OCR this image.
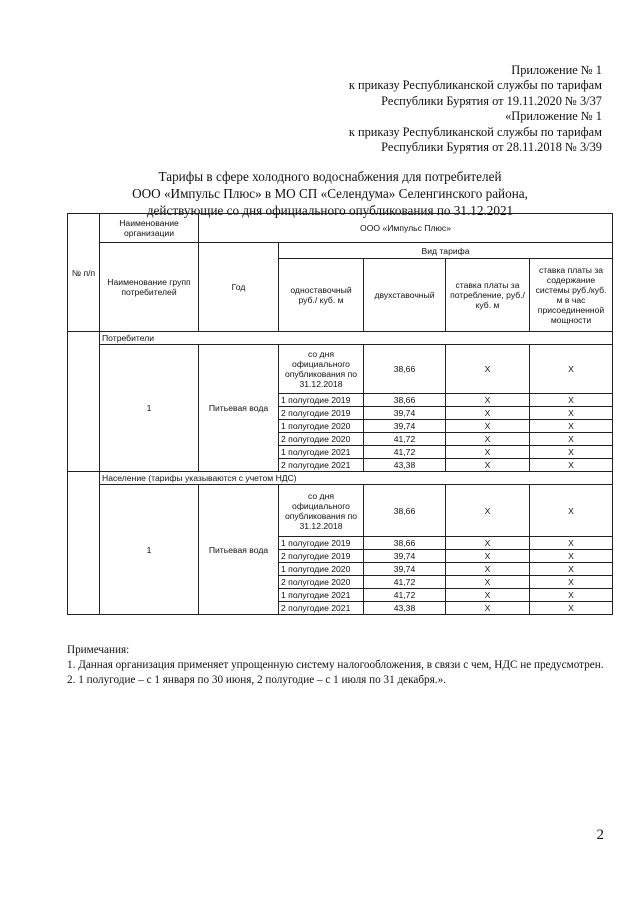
Приложение № 1
к приказу Республиканской службы по тарифам
Республики Бурятия от 19.11.2020 № 3/37
«Приложение № 1
к приказу Республиканской службы по тарифам
Республики Бурятия от 28.11.2018 № 3/39
Тарифы в сфере холодного водоснабжения для потребителей
ООО «Импульс Плюс» в МО СП «Селендума» Селенгинского района,
действующие со дня официального опубликования по 31.12.2021
№ п/п	Наименование организации	ООО «Импульс Плюс»					
	Наименование групп потребителей	Год	Вид тарифа				
			одноставочный руб./ куб. м	двухставочный	ставка платы за потребление, руб./ куб. м	ставка платы за содержание системы руб./куб. м в час присоединенной мощности	
	Потребители						
	1	Питьевая вода	со дня официального опубликования по 31.12.2018	38,66	Х	Х	
			1 полугодие 2019	38,66	Х	Х	
			2 полугодие 2019	39,74	Х	Х	
			1 полугодие 2020	39,74	Х	Х	
			2 полугодие 2020	41,72	Х	Х	
			1 полугодие 2021	41,72	Х	Х	
			2 полугодие 2021	43,38	Х	Х	
	Население (тарифы указываются с учетом НДС)						
	1	Питьевая вода	со дня официального опубликования по 31.12.2018	38,66	Х	Х	
			1 полугодие 2019	38,66	Х	Х	
			2 полугодие 2019	39,74	Х	Х	
			1 полугодие 2020	39,74	Х	Х	
			2 полугодие 2020	41,72	Х	Х	
			1 полугодие 2021	41,72	Х	Х	
			2 полугодие 2021	43,38	Х	Х	

Примечания:

1. Данная организация применяет упрощенную систему налогообложения, в связи с чем, НДС не предусмотрен.

2. 1 полугодие – с 1 января по 30 июня, 2 полугодие – с 1 июля по 31 декабря.».

2
